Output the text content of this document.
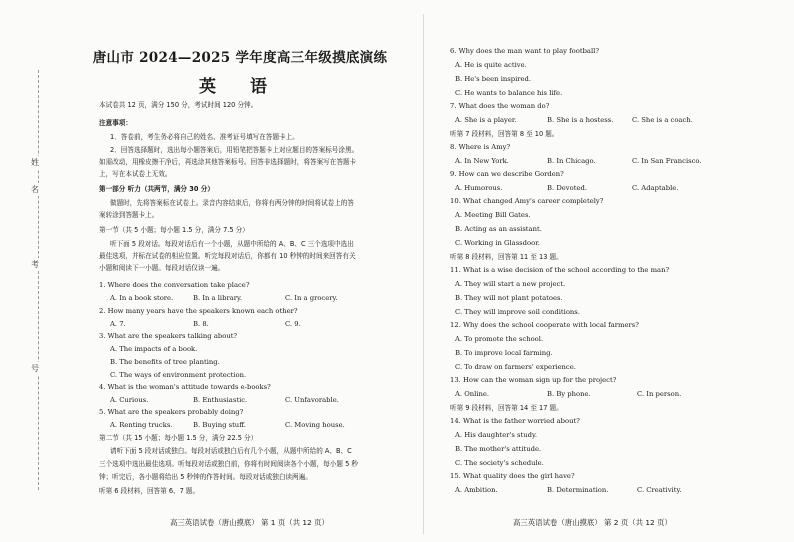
姓
名
考
号
唐山市 2024—2025 学年度高三年级摸底演练
英 语
本试卷共 12 页，满分 150 分，考试时间 120 分钟。
注意事项：
1．答卷前，考生务必将自己的姓名、准考证号填写在答题卡上。
2．回答选择题时，选出每小题答案后，用铅笔把答题卡上对应题目的答案标号涂黑。
如需改动，用橡皮擦干净后，再选涂其他答案标号。回答非选择题时，将答案写在答题卡
上，写在本试卷上无效。
第一部分 听力（共两节，满分 30 分）
做题时，先将答案标在试卷上。录音内容结束后，你将有两分钟的时间将试卷上的答
案转涂到答题卡上。
第一节（共 5 小题；每小题 1.5 分，满分 7.5 分）
听下面 5 段对话。每段对话后有一个小题，从题中所给的 A、B、C 三个选项中选出
最佳选项，并标在试卷的相应位置。听完每段对话后，你都有 10 秒钟的时间来回答有关
小题和阅读下一小题。每段对话仅读一遍。
1. Where does the conversation take place?
A. In a book store.	B. In a library.	C. In a grocery.
2. How many years have the speakers known each other?
A. 7.	B. 8.	C. 9.
3. What are the speakers talking about?
A. The impacts of a book.
B. The benefits of tree planting.
C. The ways of environment protection.
4. What is the woman's attitude towards e-books?
A. Curious.	B. Enthusiastic.	C. Unfavorable.
5. What are the speakers probably doing?
A. Renting trucks.	B. Buying stuff.	C. Moving house.
第二节（共 15 小题；每小题 1.5 分，满分 22.5 分）
请听下面 5 段对话或独白。每段对话或独白后有几个小题，从题中所给的 A、B、C
三个选项中选出最佳选项。听每段对话或独白前，你将有时间阅读各个小题，每小题 5 秒
钟；听完后，各小题将给出 5 秒钟的作答时间。每段对话或独白读两遍。
听第 6 段材料，回答第 6、7 题。
高三英语试卷（唐山摸底） 第 1 页（共 12 页）
6. Why does the man want to play football?
A. He is quite active.
B. He's been inspired.
C. He wants to balance his life.
7. What does the woman do?
A. She is a player.	B. She is a hostess.	C. She is a coach.
听第 7 段材料，回答第 8 至 10 题。
8. Where is Amy?
A. In New York.	B. In Chicago.	C. In San Francisco.
9. How can we describe Gorden?
A. Humorous.	B. Devoted.	C. Adaptable.
10. What changed Amy's career completely?
A. Meeting Bill Gates.
B. Acting as an assistant.
C. Working in Glassdoor.
听第 8 段材料，回答第 11 至 13 题。
11. What is a wise decision of the school according to the man?
A. They will start a new project.
B. They will not plant potatoes.
C. They will improve soil conditions.
12. Why does the school cooperate with local farmers?
A. To promote the school.
B. To improve local farming.
C. To draw on farmers' experience.
13. How can the woman sign up for the project?
A. Online.	B. By phone.	C. In person.
听第 9 段材料，回答第 14 至 17 题。
14. What is the father worried about?
A. His daughter's study.
B. The mother's attitude.
C. The society's schedule.
15. What quality does the girl have?
A. Ambition.	B. Determination.	C. Creativity.
高三英语试卷（唐山摸底） 第 2 页（共 12 页）
